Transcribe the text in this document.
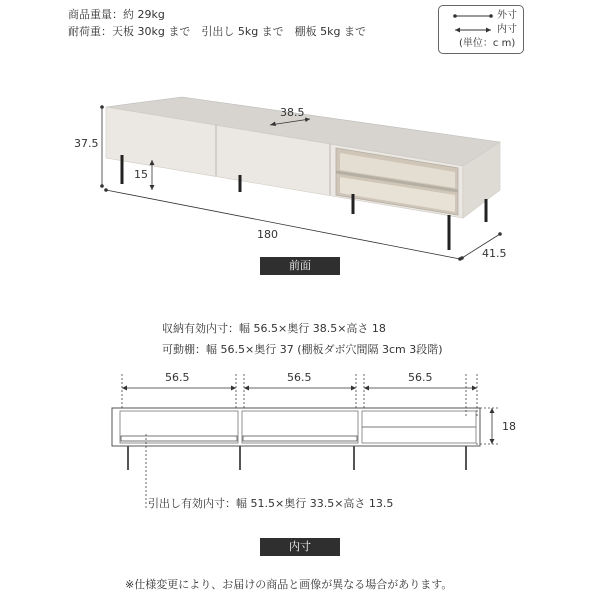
商品重量：約 29kg
耐荷重：天板 30kg まで　引出し 5kg まで　棚板 5kg まで
外寸
内寸
(単位：c m)
37.5
15
38.5
180
41.5
56.5	56.5	56.5
18
前面
収納有効内寸：幅 56.5×奥行 38.5×高さ 18
可動棚：幅 56.5×奥行 37 (棚板ダボ穴間隔 3cm 3段階)
引出し有効内寸：幅 51.5×奥行 33.5×高さ 13.5
内寸
※仕様変更により、お届けの商品と画像が異なる場合があります。
